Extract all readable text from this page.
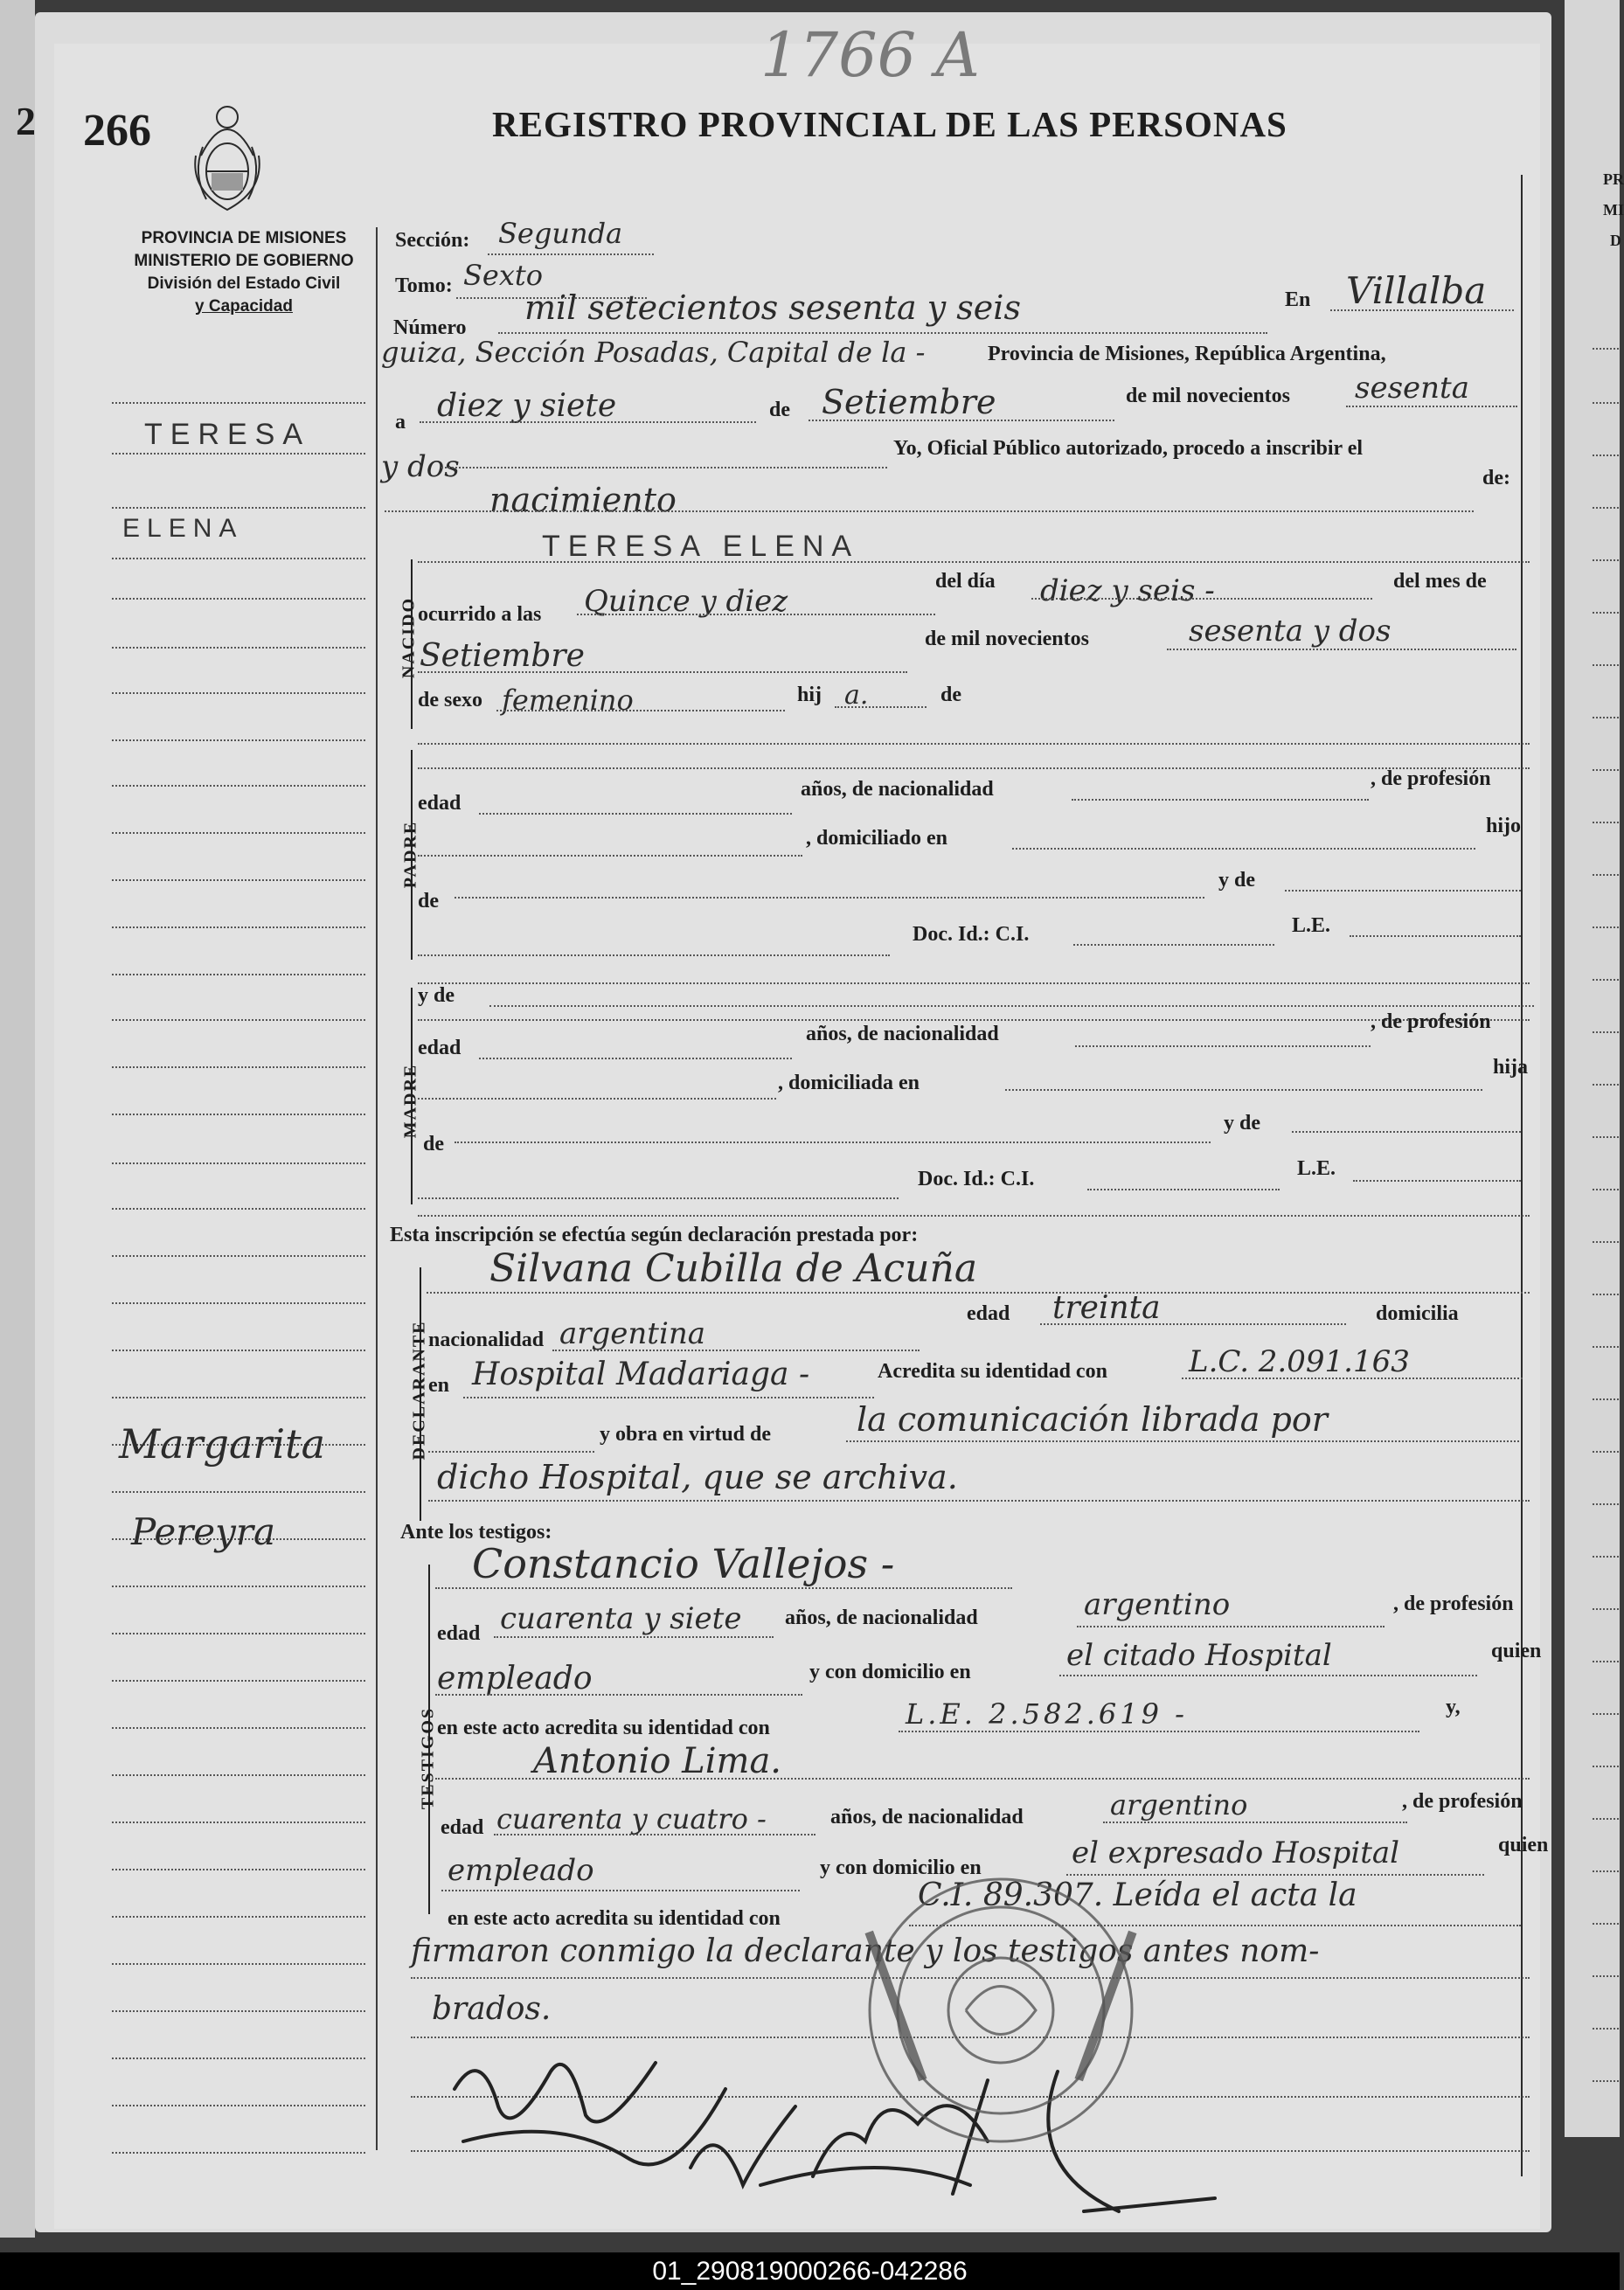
PR
MI
D
2 266
1766 A
REGISTRO PROVINCIAL DE LAS PERSONAS
PROVINCIA DE MISIONES
MINISTERIO DE GOBIERNO
División del Estado Civil
y Capacidad
TERESA
ELENA
Margarita
Pereyra
Sección: Segunda
Tomo: Sexto
Número
mil setecientos sesenta y seis	En Villalba
guiza, Sección Posadas, Capital de la -	Provincia de Misiones, República Argentina,
a diez y siete	de Setiembre	de mil novecientos sesenta
y dos
Yo, Oficial Público autorizado, procedo a inscribir el
nacimiento
de:
NACIDO
TERESA ELENA
ocurrido a las Quince y diez
del día diez y seis -	del mes de
Setiembre	de mil novecientos	sesenta y dos
de sexo femenino	hij a.	de
PADRE
edad
años, de nacionalidad	, de profesión
, domiciliado en
hijo
de
y de
Doc. Id.: C.I.	L.E.
MADRE
y de
edad
años, de nacionalidad
, de profesión
, domiciliada en
hija
de
y de
Doc. Id.: C.I.	L.E.
Esta inscripción se efectúa según declaración prestada por:
DECLARANTE
Silvana Cubilla de Acuña
nacionalidad argentina
edad treinta	domicilia
en Hospital Madariaga -	Acredita su identidad con	L.C. 2.091.163
y obra en virtud de	la comunicación librada por
dicho Hospital, que se archiva.
Ante los testigos:
TESTIGOS
Constancio Vallejos -
edad cuarenta y siete años, de nacionalidad	argentino	, de profesión
empleado	y con domicilio en	el citado Hospital	quien
en este acto acredita su identidad con	L.E. 2.582.619 -	y,
Antonio Lima.
edad cuarenta y cuatro -	años, de nacionalidad	argentino	, de profesión
empleado	y con domicilio en	el expresado Hospital	quien
en este acto acredita su identidad con
C.I. 89.307. Leída el acta la
firmaron conmigo la declarante y los testigos antes nom-
brados.
01_290819000266-042286
